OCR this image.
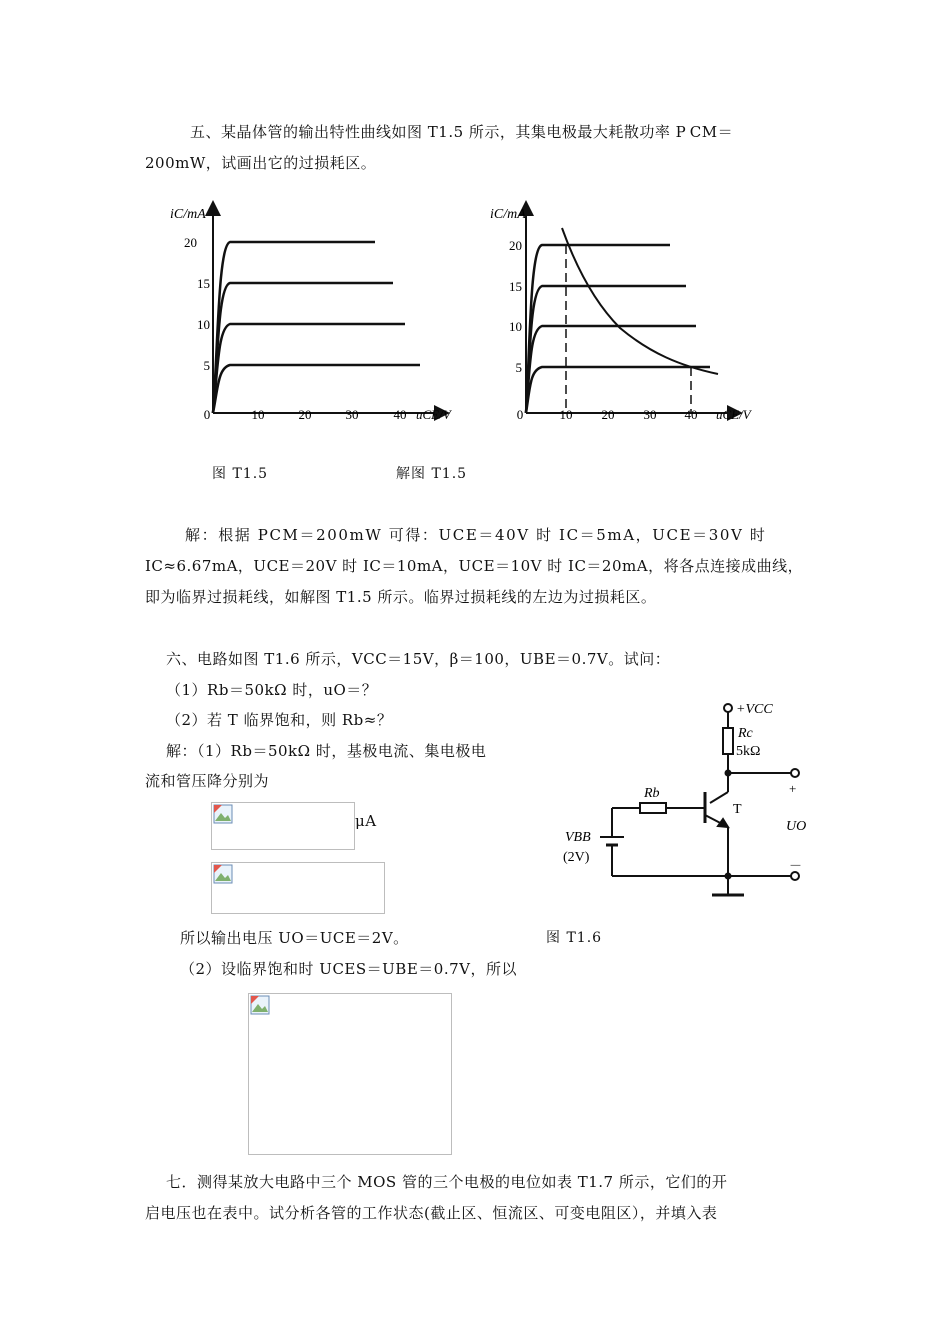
五、某晶体管的输出特性曲线如图 T1.5 所示，其集电极最大耗散功率 P CM＝
200mW，试画出它的过损耗区。
iC/mA
20
15
10
5
0	10	20	30	40 uCE/V
iC/mA
20
15
10
5
0	10 20 30 40 uCE/V
图 T1.5	解图 T1.5
解：根据 PCM＝200mW 可得：UCE＝40V 时 IC＝5mA，UCE＝30V 时
IC≈6.67mA，UCE＝20V 时 IC＝10mA，UCE＝10V 时 IC＝20mA，将各点连接成曲线，
即为临界过损耗线，如解图 T1.5 所示。临界过损耗线的左边为过损耗区。
六、电路如图 T1.6 所示，VCC＝15V，β＝100，UBE＝0.7V。试问：
（1）Rb＝50kΩ 时，uO＝？
（2）若 T 临界饱和，则 Rb≈？
解：（1）Rb＝50kΩ 时，基极电流、集电极电
流和管压降分别为
μA
所以输出电压 UO＝UCE＝2V。
（2）设临界饱和时 UCES＝UBE＝0.7V，所以
+VCC
Rc
5kΩ
Rb
T
VBB
(2V)
+
UO
－
图 T1.6
七．测得某放大电路中三个 MOS 管的三个电极的电位如表 T1.7 所示，它们的开
启电压也在表中。试分析各管的工作状态(截止区、恒流区、可变电阻区），并填入表
